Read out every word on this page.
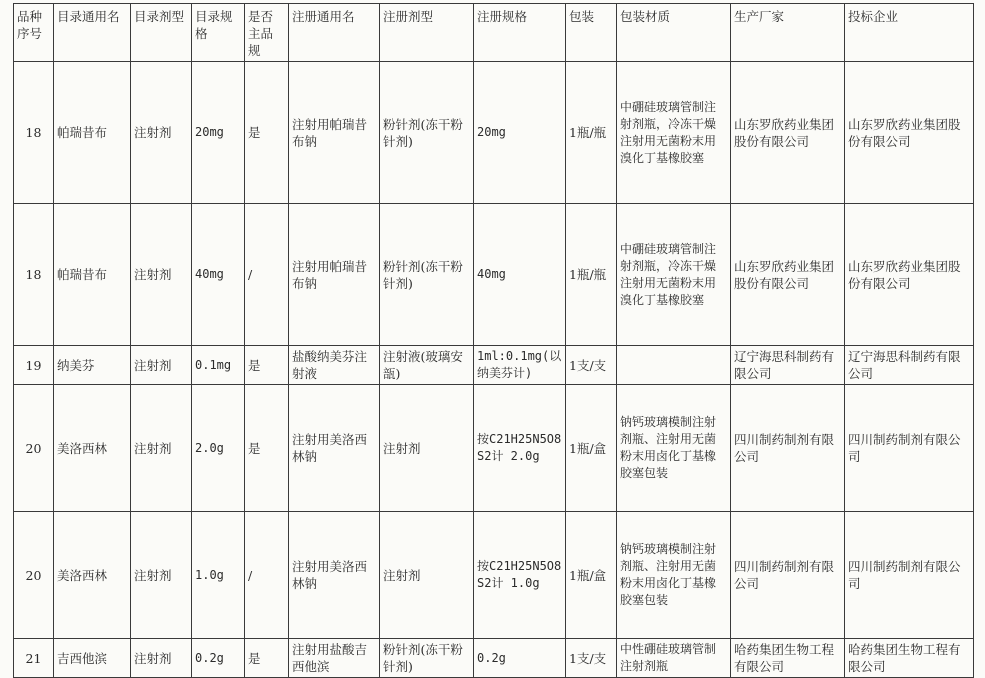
品种序号	目录通用名	目录剂型	目录规格	是否主品规	注册通用名	注册剂型	注册规格	包装	包装材质	生产厂家	投标企业
18	帕瑞昔布	注射剂	20mg	是	注射用帕瑞昔布钠	粉针剂(冻干粉针剂)	20mg	1瓶/瓶	中硼硅玻璃管制注射剂瓶，冷冻干燥注射用无菌粉末用溴化丁基橡胶塞	山东罗欣药业集团股份有限公司	山东罗欣药业集团股份有限公司
18	帕瑞昔布	注射剂	40mg	/	注射用帕瑞昔布钠	粉针剂(冻干粉针剂)	40mg	1瓶/瓶	中硼硅玻璃管制注射剂瓶，冷冻干燥注射用无菌粉末用溴化丁基橡胶塞	山东罗欣药业集团股份有限公司	山东罗欣药业集团股份有限公司
19	纳美芬	注射剂	0.1mg	是	盐酸纳美芬注射液	注射液(玻璃安瓿)	1ml:0.1mg(以纳美芬计)	1支/支		辽宁海思科制药有限公司	辽宁海思科制药有限公司
20	美洛西林	注射剂	2.0g	是	注射用美洛西林钠	注射剂	按C21H25N5O8S2计 2.0g	1瓶/盒	钠钙玻璃模制注射剂瓶、注射用无菌粉末用卤化丁基橡胶塞包装	四川制药制剂有限公司	四川制药制剂有限公司
20	美洛西林	注射剂	1.0g	/	注射用美洛西林钠	注射剂	按C21H25N5O8S2计 1.0g	1瓶/盒	钠钙玻璃模制注射剂瓶、注射用无菌粉末用卤化丁基橡胶塞包装	四川制药制剂有限公司	四川制药制剂有限公司
21	吉西他滨	注射剂	0.2g	是	注射用盐酸吉西他滨	粉针剂(冻干粉针剂)	0.2g	1支/支	中性硼硅玻璃管制注射剂瓶	哈药集团生物工程有限公司	哈药集团生物工程有限公司
